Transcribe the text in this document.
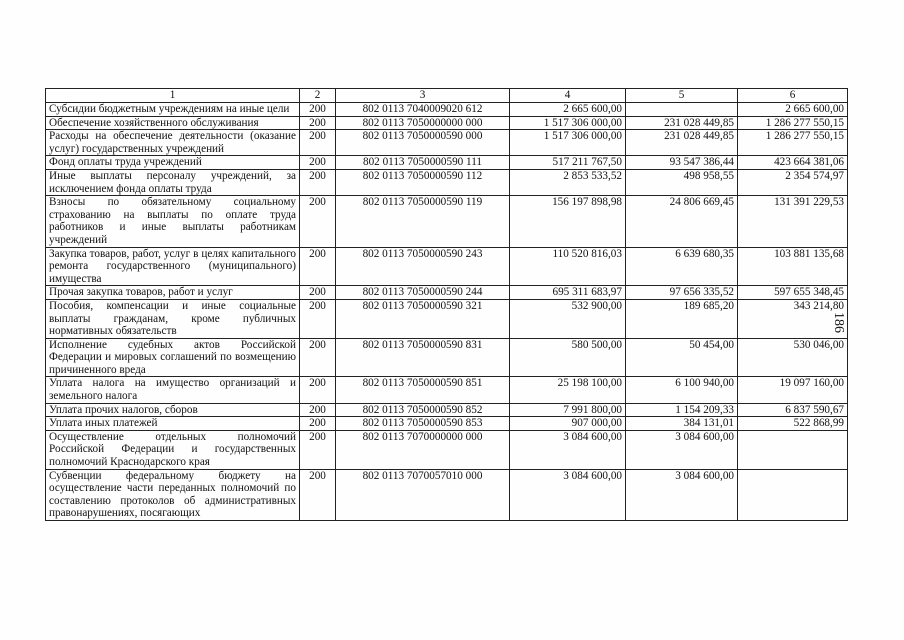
1	2	3	4	5	6
Субсидии бюджетным учреждениям на иные цели	200	802 0113 7040009020 612	2 665 600,00		2 665 600,00
Обеспечение хозяйственного обслуживания	200	802 0113 7050000000 000	1 517 306 000,00	231 028 449,85	1 286 277 550,15
Расходы на обеспечение деятельности (оказание услуг) государственных учреждений	200	802 0113 7050000590 000	1 517 306 000,00	231 028 449,85	1 286 277 550,15
Фонд оплаты труда учреждений	200	802 0113 7050000590 111	517 211 767,50	93 547 386,44	423 664 381,06
Иные выплаты персоналу учреждений, за исключением фонда оплаты труда	200	802 0113 7050000590 112	2 853 533,52	498 958,55	2 354 574,97
Взносы по обязательному социальному страхованию на выплаты по оплате труда работников и иные выплаты работникам учреждений	200	802 0113 7050000590 119	156 197 898,98	24 806 669,45	131 391 229,53
Закупка товаров, работ, услуг в целях капитального ремонта государственного (муниципального) имущества	200	802 0113 7050000590 243	110 520 816,03	6 639 680,35	103 881 135,68
Прочая закупка товаров, работ и услуг	200	802 0113 7050000590 244	695 311 683,97	97 656 335,52	597 655 348,45
Пособия, компенсации и иные социальные выплаты гражданам, кроме публичных нормативных обязательств	200	802 0113 7050000590 321	532 900,00	189 685,20	343 214,80
Исполнение судебных актов Российской Федерации и мировых соглашений по возмещению причиненного вреда	200	802 0113 7050000590 831	580 500,00	50 454,00	530 046,00
Уплата налога на имущество организаций и земельного налога	200	802 0113 7050000590 851	25 198 100,00	6 100 940,00	19 097 160,00
Уплата прочих налогов, сборов	200	802 0113 7050000590 852	7 991 800,00	1 154 209,33	6 837 590,67
Уплата иных платежей	200	802 0113 7050000590 853	907 000,00	384 131,01	522 868,99
Осуществление отдельных полномочий Российской Федерации и государственных полномочий Краснодарского края	200	802 0113 7070000000 000	3 084 600,00	3 084 600,00	
Субвенции федеральному бюджету на осуществление части переданных полномочий по составлению протоколов об административных правонарушениях, посягающих	200	802 0113 7070057010 000	3 084 600,00	3 084 600,00	
186
